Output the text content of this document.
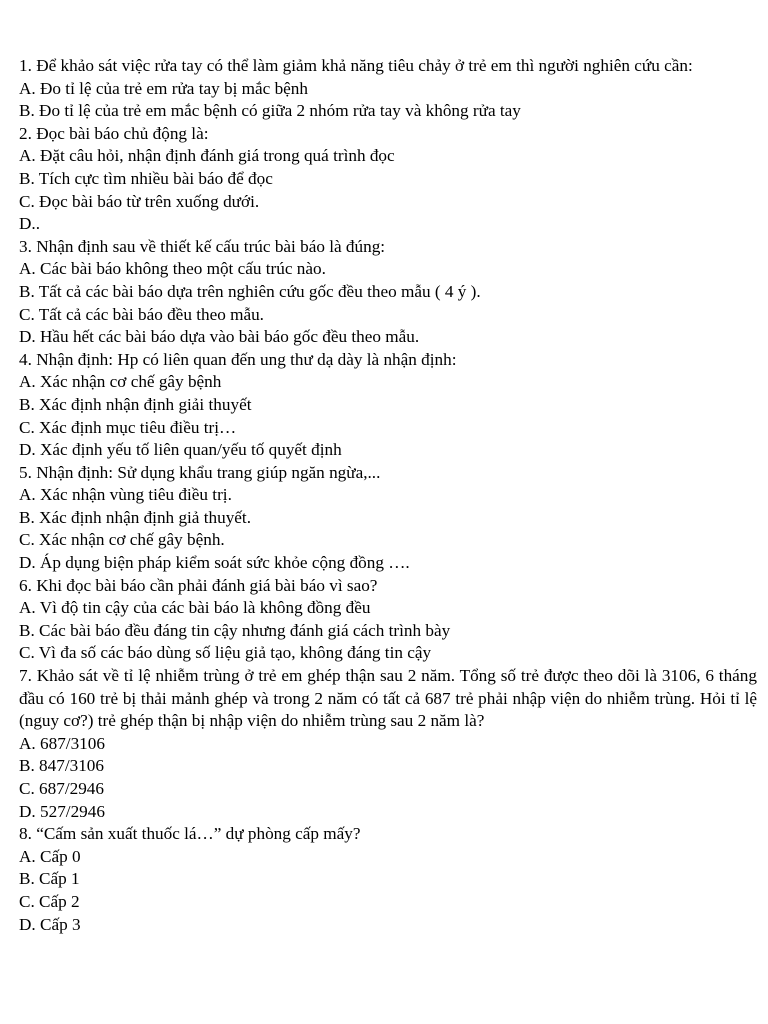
1. Để khảo sát việc rửa tay có thể làm giảm khả năng tiêu chảy ở trẻ em thì người nghiên cứu cần:
A. Đo tỉ lệ của trẻ em rửa tay bị mắc bệnh
B. Đo tỉ lệ của trẻ em mắc bệnh có giữa 2 nhóm rửa tay và không rửa tay
2. Đọc bài báo chủ động là:
A. Đặt câu hỏi, nhận định đánh giá trong quá trình đọc
B. Tích cực tìm nhiều bài báo để đọc
C. Đọc bài báo từ trên xuống dưới.
D..
3. Nhận định sau về thiết kế cấu trúc bài báo là đúng:
A. Các bài báo không theo một cấu trúc nào.
B. Tất cả các bài báo dựa trên nghiên cứu gốc đều theo mẫu ( 4 ý ).
C. Tất cả các bài báo đều theo mẫu.
D. Hầu hết các bài báo dựa vào bài báo gốc đều theo mẫu.
4. Nhận định: Hp có liên quan đến ung thư dạ dày là nhận định:
A. Xác nhận cơ chế gây bệnh
B. Xác định nhận định giải thuyết
C. Xác định mục tiêu điều trị…
D. Xác định yếu tố liên quan/yếu tố quyết định
5. Nhận định: Sử dụng khẩu trang giúp ngăn ngừa,...
A. Xác nhận vùng tiêu điều trị.
B. Xác định nhận định giả thuyết.
C. Xác nhận cơ chế gây bệnh.
D. Áp dụng biện pháp kiểm soát sức khỏe cộng đồng ….
6. Khi đọc bài báo cần phải đánh giá bài báo vì sao?
A. Vì độ tin cậy của các bài báo là không đồng đều
B. Các bài báo đều đáng tin cậy nhưng đánh giá cách trình bày
C. Vì đa số các báo dùng số liệu giả tạo, không đáng tin cậy
7. Khảo sát về tỉ lệ nhiễm trùng ở trẻ em ghép thận sau 2 năm. Tổng số trẻ được theo dõi là 3106, 6 tháng đầu có 160 trẻ bị thải mảnh ghép và trong 2 năm có tất cả 687 trẻ phải nhập viện do nhiễm trùng. Hỏi tỉ lệ (nguy cơ?) trẻ ghép thận bị nhập viện do nhiễm trùng sau 2 năm là?
A. 687/3106
B. 847/3106
C. 687/2946
D. 527/2946
8. “Cấm sản xuất thuốc lá…” dự phòng cấp mấy?
A. Cấp 0
B. Cấp 1
C. Cấp 2
D. Cấp 3
